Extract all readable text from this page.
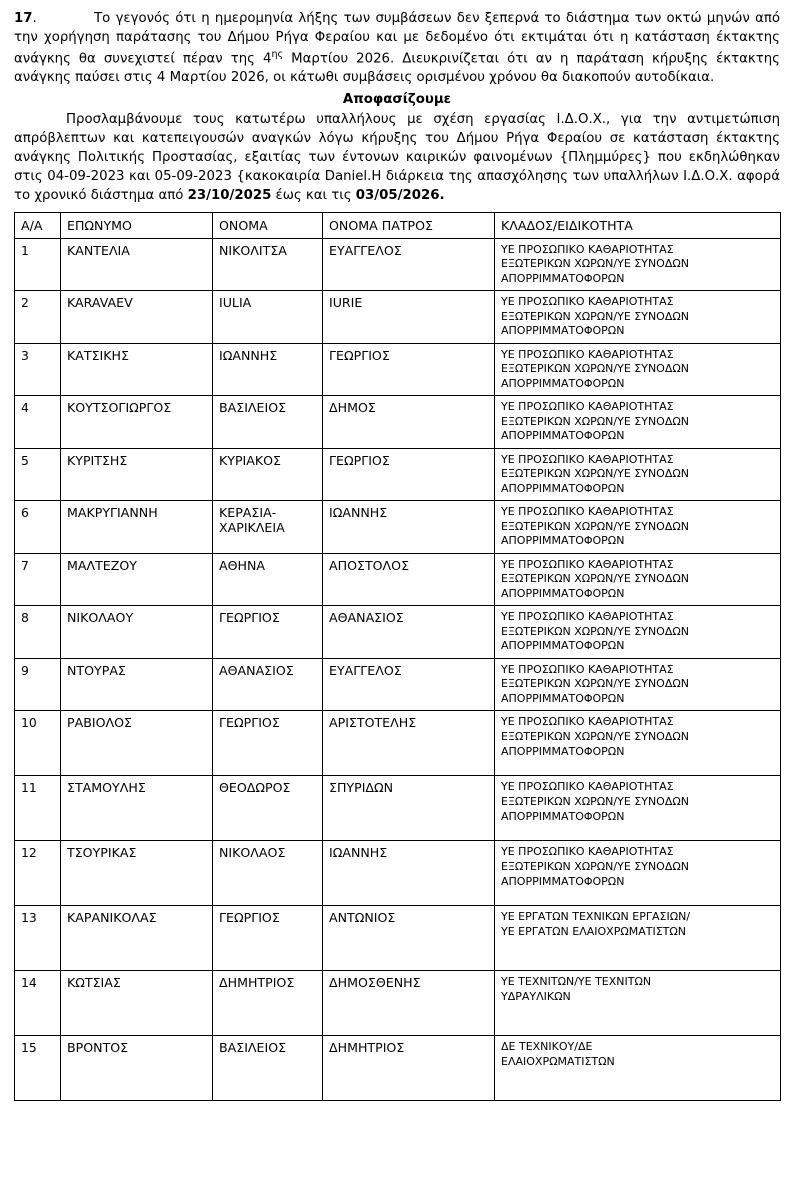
17.	Το γεγονός ότι η ημερομηνία λήξης των συμβάσεων δεν ξεπερνά το διάστημα των οκτώ μηνών από την χορήγηση παράτασης του Δήμου Ρήγα Φεραίου και με δεδομένο ότι εκτιμάται ότι η κατάσταση έκτακτης ανάγκης θα συνεχιστεί πέραν της $4^{\eta\varsigma}$ Μαρτίου 2026. Διευκρινίζεται ότι αν η παράταση κήρυξης έκτακτης ανάγκης παύσει στις 4 Μαρτίου 2026, οι κάτωθι συμβάσεις ορισμένου χρόνου θα διακοπούν αυτοδίκαια.

Αποφασίζουμε

Προσλαμβάνουμε τους κατωτέρω υπαλλήλους με σχέση εργασίας Ι.Δ.Ο.Χ., για την αντιμετώπιση απρόβλεπτων και κατεπειγουσών αναγκών λόγω κήρυξης του Δήμου Ρήγα Φεραίου σε κατάσταση έκτακτης ανάγκης Πολιτικής Προστασίας, εξαιτίας των έντονων καιρικών φαινομένων {Πλημμύρες} που εκδηλώθηκαν στις 04-09-2023 και 05-09-2023 {κακοκαιρία Daniel.Η διάρκεια της απασχόλησης των υπαλλήλων Ι.Δ.Ο.Χ. αφορά το χρονικό διάστημα από 23/10/2025 έως και τις 03/05/2026.

Α/Α	ΕΠΩΝΥΜΟ	ΟΝΟΜΑ	ΟΝΟΜΑ ΠΑΤΡΟΣ	ΚΛΑΔΟΣ/ΕΙΔΙΚΟΤΗΤΑ
1	ΚΑΝΤΕΛΙΑ	ΝΙΚΟΛΙΤΣΑ	ΕΥΑΓΓΕΛΟΣ	ΥΕ ΠΡΟΣΩΠΙΚΟ ΚΑΘΑΡΙΟΤΗΤΑΣ
ΕΞΩΤΕΡΙΚΩΝ ΧΩΡΩΝ/ΥΕ ΣΥΝΟΔΩΝ
ΑΠΟΡΡΙΜΜΑΤΟΦΟΡΩΝ

2	KARAVAEV	IULIA	IURIE	ΥΕ ΠΡΟΣΩΠΙΚΟ ΚΑΘΑΡΙΟΤΗΤΑΣ
ΕΞΩΤΕΡΙΚΩΝ ΧΩΡΩΝ/ΥΕ ΣΥΝΟΔΩΝ
ΑΠΟΡΡΙΜΜΑΤΟΦΟΡΩΝ

3	ΚΑΤΣΙΚΗΣ	ΙΩΑΝΝΗΣ	ΓΕΩΡΓΙΟΣ	ΥΕ ΠΡΟΣΩΠΙΚΟ ΚΑΘΑΡΙΟΤΗΤΑΣ
ΕΞΩΤΕΡΙΚΩΝ ΧΩΡΩΝ/ΥΕ ΣΥΝΟΔΩΝ
ΑΠΟΡΡΙΜΜΑΤΟΦΟΡΩΝ

4	ΚΟΥΤΣΟΓΙΩΡΓΟΣ	ΒΑΣΙΛΕΙΟΣ	ΔΗΜΟΣ	ΥΕ ΠΡΟΣΩΠΙΚΟ ΚΑΘΑΡΙΟΤΗΤΑΣ
ΕΞΩΤΕΡΙΚΩΝ ΧΩΡΩΝ/ΥΕ ΣΥΝΟΔΩΝ
ΑΠΟΡΡΙΜΜΑΤΟΦΟΡΩΝ

5	ΚΥΡΙΤΣΗΣ	ΚΥΡΙΑΚΟΣ	ΓΕΩΡΓΙΟΣ	ΥΕ ΠΡΟΣΩΠΙΚΟ ΚΑΘΑΡΙΟΤΗΤΑΣ
ΕΞΩΤΕΡΙΚΩΝ ΧΩΡΩΝ/ΥΕ ΣΥΝΟΔΩΝ
ΑΠΟΡΡΙΜΜΑΤΟΦΟΡΩΝ

6	ΜΑΚΡΥΓΙΑΝΝΗ	ΚΕΡΑΣΙΑ-ΧΑΡΙΚΛΕΙΑ	ΙΩΑΝΝΗΣ	ΥΕ ΠΡΟΣΩΠΙΚΟ ΚΑΘΑΡΙΟΤΗΤΑΣ
ΕΞΩΤΕΡΙΚΩΝ ΧΩΡΩΝ/ΥΕ ΣΥΝΟΔΩΝ
ΑΠΟΡΡΙΜΜΑΤΟΦΟΡΩΝ

7	ΜΑΛΤΕΖΟΥ	ΑΘΗΝΑ	ΑΠΟΣΤΟΛΟΣ	ΥΕ ΠΡΟΣΩΠΙΚΟ ΚΑΘΑΡΙΟΤΗΤΑΣ
ΕΞΩΤΕΡΙΚΩΝ ΧΩΡΩΝ/ΥΕ ΣΥΝΟΔΩΝ
ΑΠΟΡΡΙΜΜΑΤΟΦΟΡΩΝ

8	ΝΙΚΟΛΑΟΥ	ΓΕΩΡΓΙΟΣ	ΑΘΑΝΑΣΙΟΣ	ΥΕ ΠΡΟΣΩΠΙΚΟ ΚΑΘΑΡΙΟΤΗΤΑΣ
ΕΞΩΤΕΡΙΚΩΝ ΧΩΡΩΝ/ΥΕ ΣΥΝΟΔΩΝ
ΑΠΟΡΡΙΜΜΑΤΟΦΟΡΩΝ

9	ΝΤΟΥΡΑΣ	ΑΘΑΝΑΣΙΟΣ	ΕΥΑΓΓΕΛΟΣ	ΥΕ ΠΡΟΣΩΠΙΚΟ ΚΑΘΑΡΙΟΤΗΤΑΣ
ΕΞΩΤΕΡΙΚΩΝ ΧΩΡΩΝ/ΥΕ ΣΥΝΟΔΩΝ
ΑΠΟΡΡΙΜΜΑΤΟΦΟΡΩΝ

10	ΡΑΒΙΟΛΟΣ	ΓΕΩΡΓΙΟΣ	ΑΡΙΣΤΟΤΕΛΗΣ	ΥΕ ΠΡΟΣΩΠΙΚΟ ΚΑΘΑΡΙΟΤΗΤΑΣ
ΕΞΩΤΕΡΙΚΩΝ ΧΩΡΩΝ/ΥΕ ΣΥΝΟΔΩΝ
ΑΠΟΡΡΙΜΜΑΤΟΦΟΡΩΝ

11	ΣΤΑΜΟΥΛΗΣ	ΘΕΟΔΩΡΟΣ	ΣΠΥΡΙΔΩΝ	ΥΕ ΠΡΟΣΩΠΙΚΟ ΚΑΘΑΡΙΟΤΗΤΑΣ
ΕΞΩΤΕΡΙΚΩΝ ΧΩΡΩΝ/ΥΕ ΣΥΝΟΔΩΝ
ΑΠΟΡΡΙΜΜΑΤΟΦΟΡΩΝ

12	ΤΣΟΥΡΙΚΑΣ	ΝΙΚΟΛΑΟΣ	ΙΩΑΝΝΗΣ	ΥΕ ΠΡΟΣΩΠΙΚΟ ΚΑΘΑΡΙΟΤΗΤΑΣ
ΕΞΩΤΕΡΙΚΩΝ ΧΩΡΩΝ/ΥΕ ΣΥΝΟΔΩΝ
ΑΠΟΡΡΙΜΜΑΤΟΦΟΡΩΝ

13	ΚΑΡΑΝΙΚΟΛΑΣ	ΓΕΩΡΓΙΟΣ	ΑΝΤΩΝΙΟΣ	ΥΕ ΕΡΓΑΤΩΝ ΤΕΧΝΙΚΩΝ ΕΡΓΑΣΙΩΝ/
ΥΕ ΕΡΓΑΤΩΝ ΕΛΑΙΟΧΡΩΜΑΤΙΣΤΩΝ

14	ΚΩΤΣΙΑΣ	ΔΗΜΗΤΡΙΟΣ	ΔΗΜΟΣΘΕΝΗΣ	ΥΕ ΤΕΧΝΙΤΩΝ/ΥΕ ΤΕΧΝΙΤΩΝ
ΥΔΡΑΥΛΙΚΩΝ

15	ΒΡΟΝΤΟΣ	ΒΑΣΙΛΕΙΟΣ	ΔΗΜΗΤΡΙΟΣ	ΔΕ ΤΕΧΝΙΚΟΥ/ΔΕ
ΕΛΑΙΟΧΡΩΜΑΤΙΣΤΩΝ
